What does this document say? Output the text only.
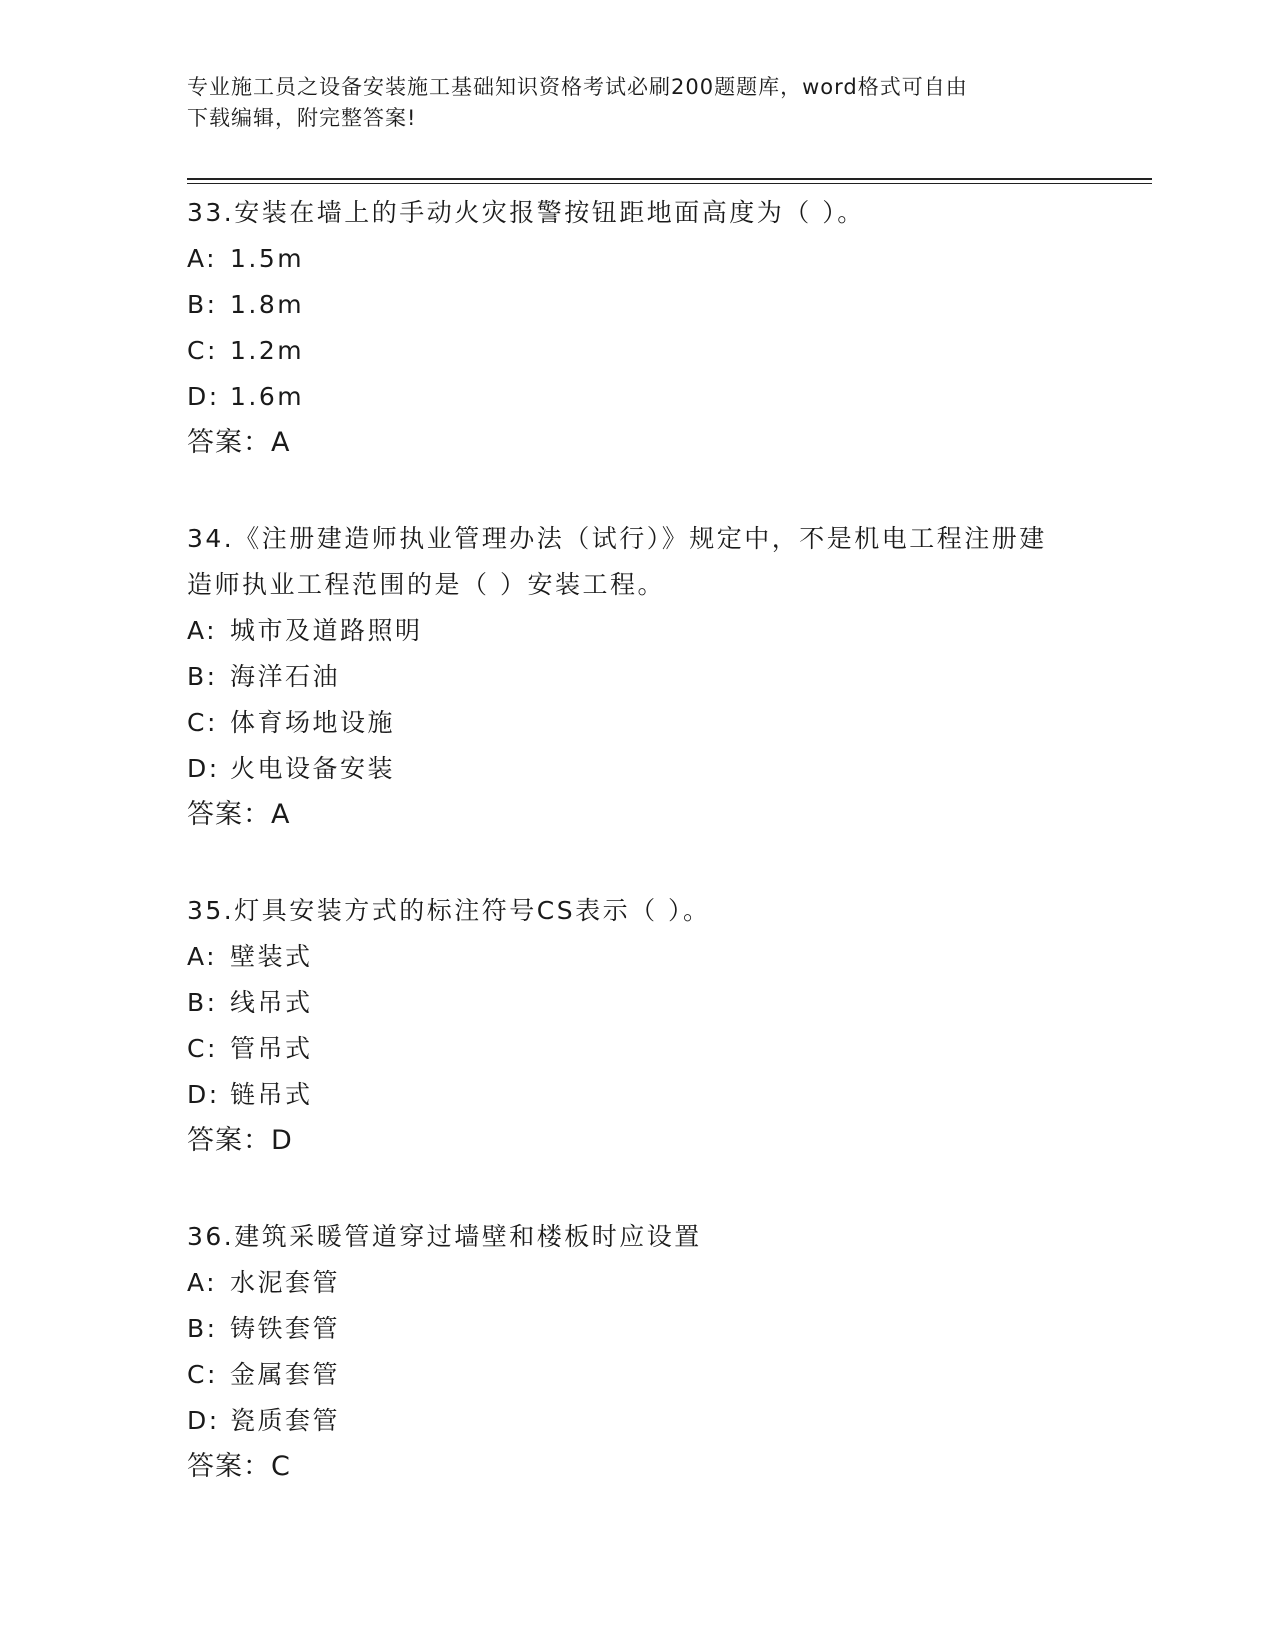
专业施工员之设备安装施工基础知识资格考试必刷200题题库，word格式可自由
下载编辑，附完整答案!
33.安装在墙上的手动火灾报警按钮距地面高度为（ ）。
A: 1.5m
B: 1.8m
C: 1.2m
D: 1.6m
答案：A
34.《注册建造师执业管理办法（试行）》规定中，不是机电工程注册建造师执业工程范围的是（ ）安装工程。
A: 城市及道路照明
B: 海洋石油
C: 体育场地设施
D: 火电设备安装
答案：A
35.灯具安装方式的标注符号CS表示（ ）。
A: 壁装式
B: 线吊式
C: 管吊式
D: 链吊式
答案：D
36.建筑采暖管道穿过墙壁和楼板时应设置
A: 水泥套管
B: 铸铁套管
C: 金属套管
D: 瓷质套管
答案：C
